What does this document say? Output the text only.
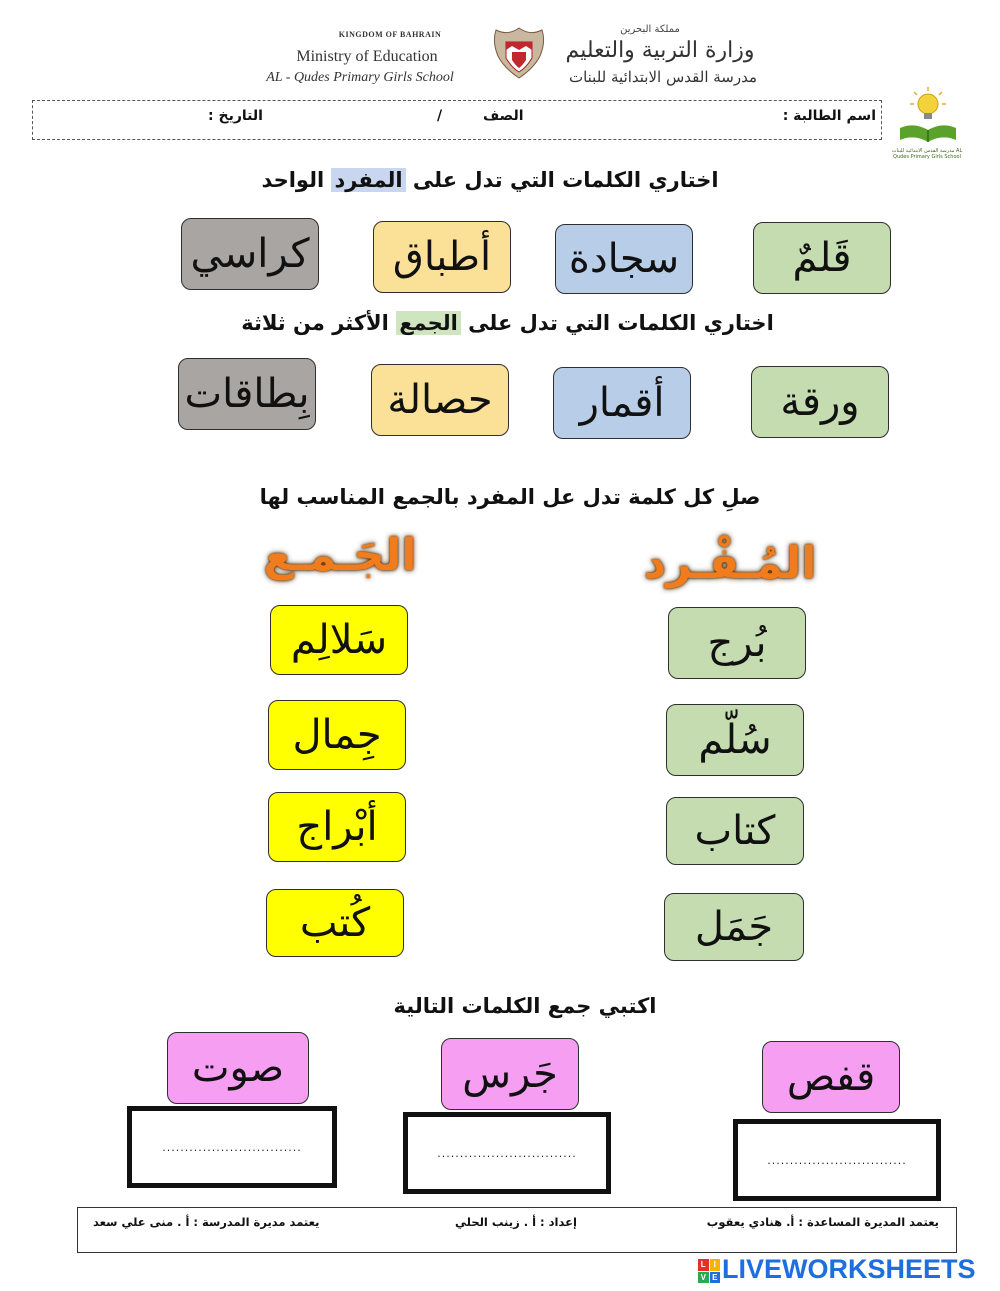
KINGDOM OF BAHRAIN
Ministry of Education
AL - Qudes Primary Girls School
مملكة البحرين
وزارة التربية والتعليم
مدرسة القدس الابتدائية للبنات
مدرسة القدس الابتدائية للبنات AL Qudes Primary Girls School
اسم الطالبة :
الصف
/
التاريخ :
اختاري الكلمات التي تدل على المفرد الواحد
قَلمٌ
سجادة
أطباق
كراسي
اختاري الكلمات التي تدل على الجمع الأكثر من ثلاثة
ورقة
أقمار
حصالة
بِطاقات
صلِ كل كلمة تدل عل المفرد بالجمع المناسب لها
المُـفْـرد
الجَـمـع
بُرج
سُلّم
كتاب
جَمَل
سَلالِم
جِمال
أبْراج
كُتب
اكتبي جمع الكلمات التالية
قفص
جَرس
صوت
...............................
...............................
...............................
يعتمد المديرة المساعدة : أ. هنادي يعقوب
إعداد : أ . زينب الحلي
يعتمد مديرة المدرسة : أ . منى علي سعد
L I
V E LIVEWORKSHEETS
